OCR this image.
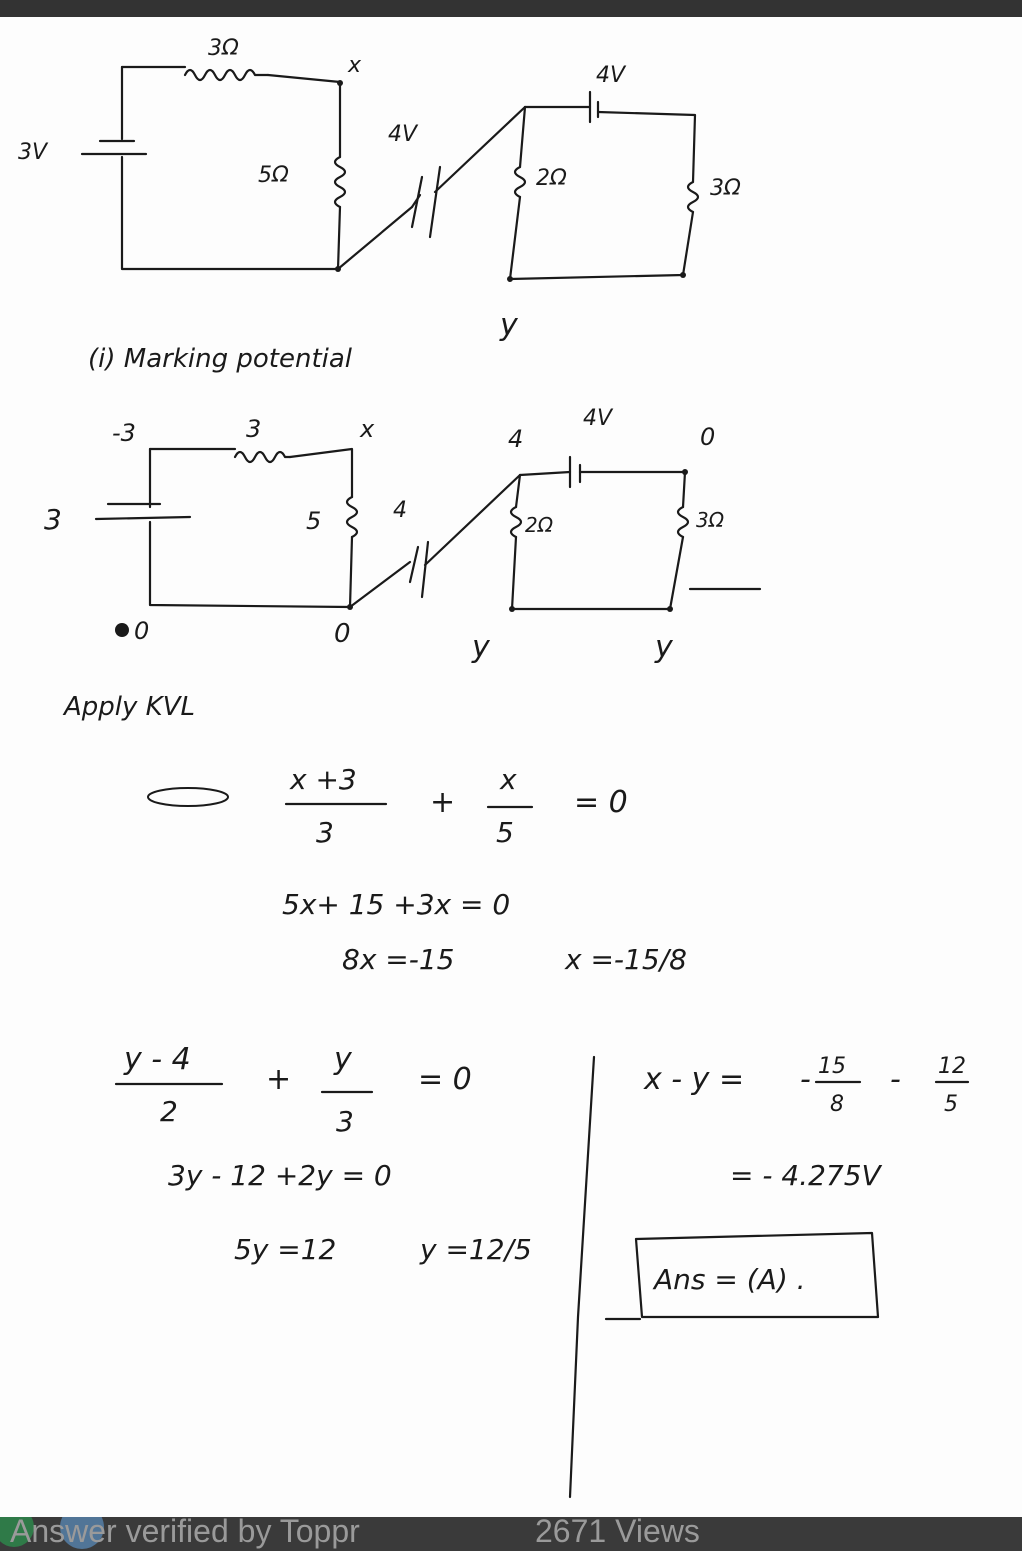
3Ω
x	4V
3V
5Ω
4V
2Ω	3Ω
y
(i) Marking potential
-3	3	x	4
4V
0
3	5	4
2Ω	3Ω
0	0	y	y
Apply KVL
x +3
3
+
x
5
= 0
5x+ 15 +3x = 0
8x =-15	x =-15/8
y - 4
2
+
y
3
= 0
3y - 12 +2y = 0
5y =12	y =12/5
x - y = - 15
8
- 12
5
= - 4.275V
Ans = (A) .
Answer verified by Toppr	2671 Views
